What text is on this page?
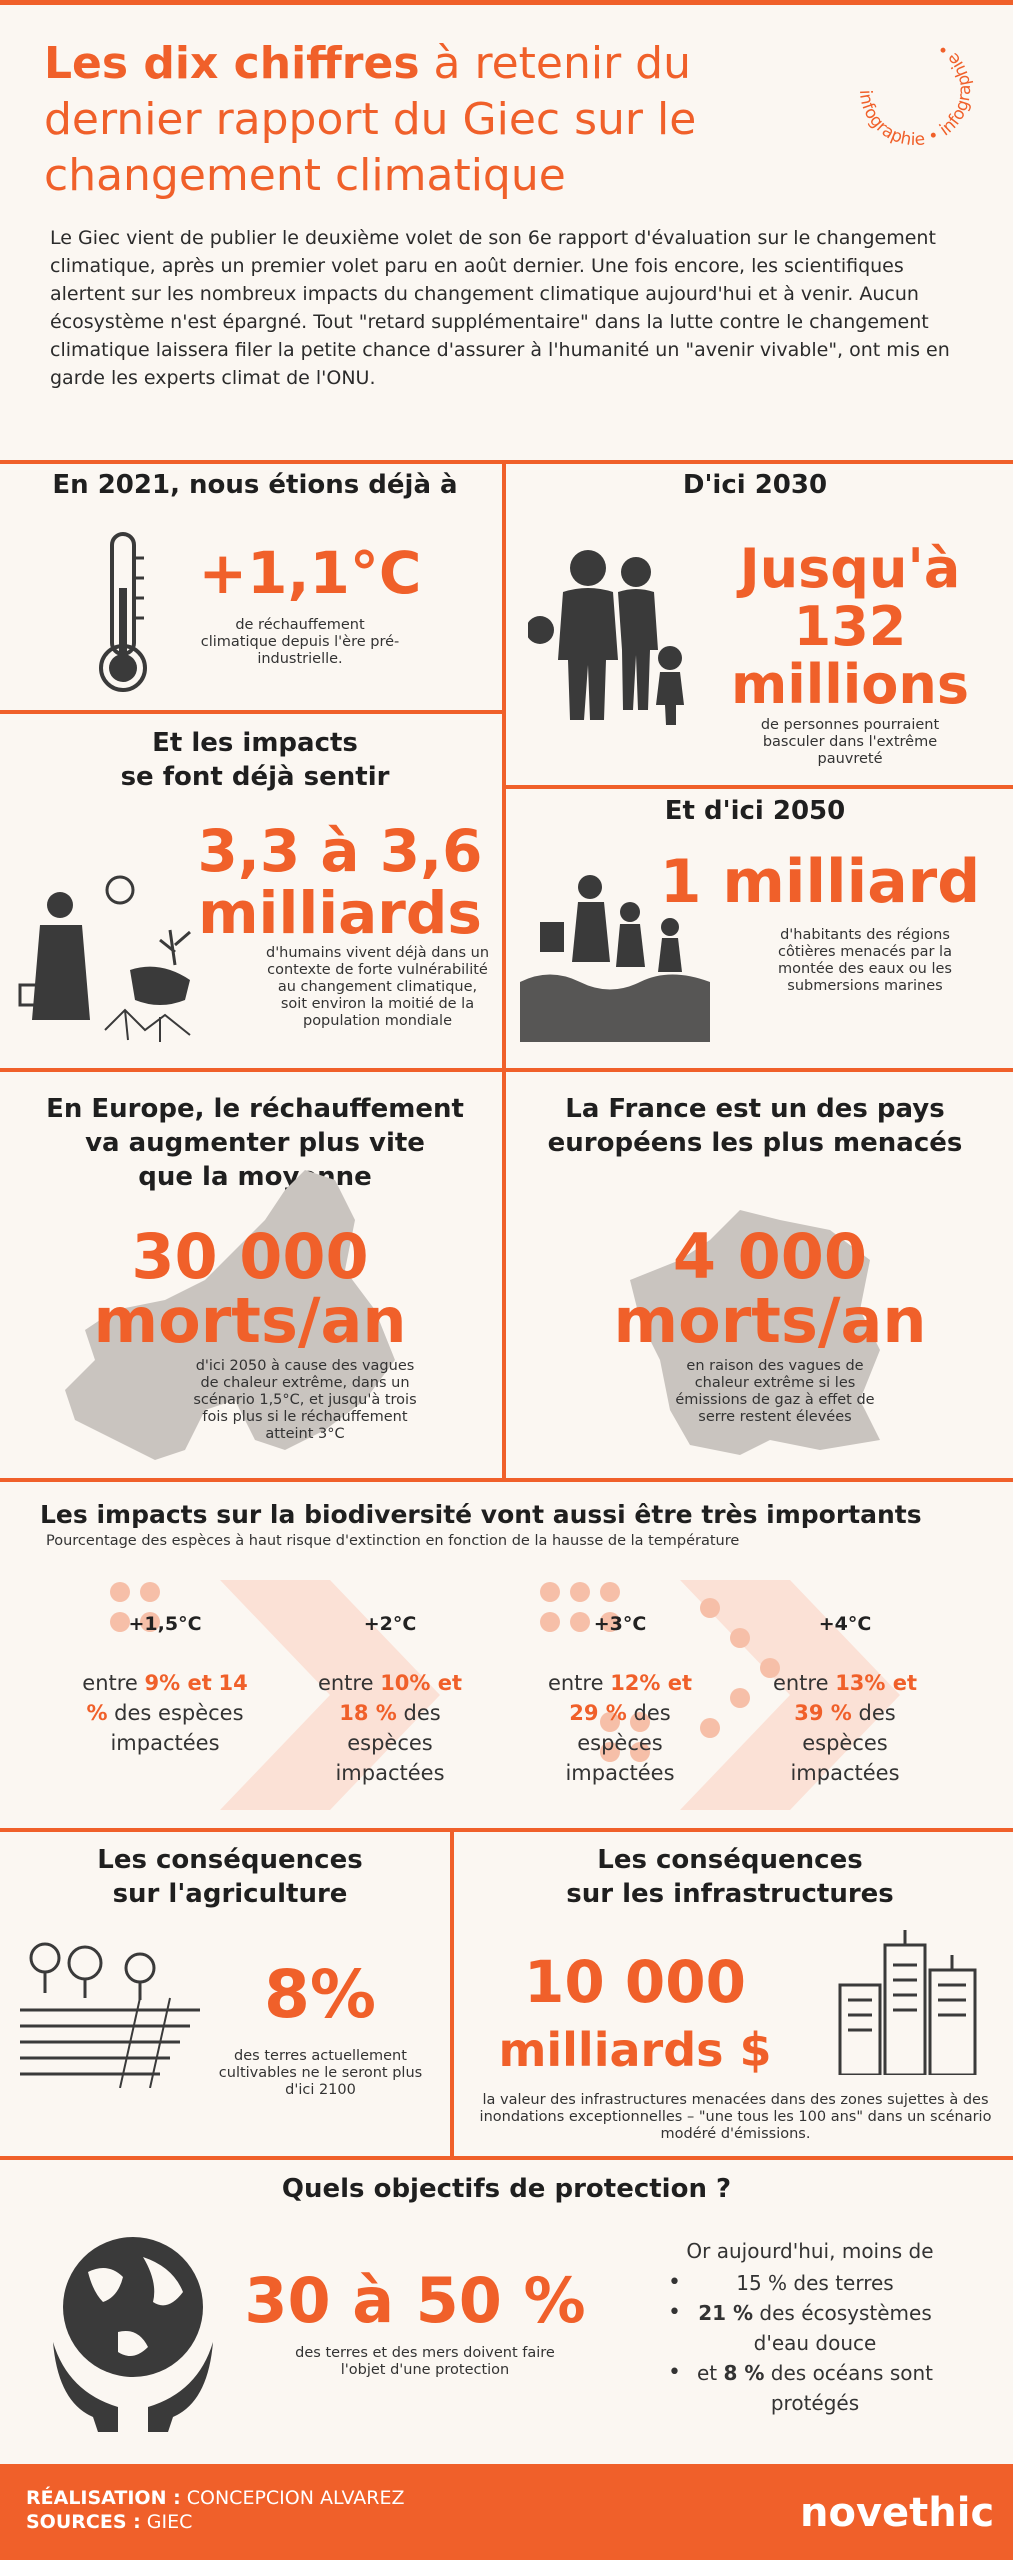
Les dix chiffres à retenir du
dernier rapport du Giec sur le
changement climatique
infographie • infographie •
Le Giec vient de publier le deuxième volet de son 6e rapport d'évaluation sur le changement climatique, après un premier volet paru en août dernier. Une fois encore, les scientifiques alertent sur les nombreux impacts du changement climatique aujourd'hui et à venir. Aucun écosystème n'est épargné. Tout "retard supplémentaire" dans la lutte contre le changement climatique laissera filer la petite chance d'assurer à l'humanité un "avenir vivable", ont mis en garde les experts climat de l'ONU.
En 2021, nous étions déjà à
+1,1°C
de réchauffement climatique depuis l'ère pré-industrielle.
D'ici 2030
Jusqu'à
132
millions
de personnes pourraient basculer dans l'extrême pauvreté
Et les impacts
se font déjà sentir
3,3 à 3,6
milliards
d'humains vivent déjà dans un contexte de forte vulnérabilité au changement climatique, soit environ la moitié de la population mondiale
Et d'ici 2050
1 milliard
d'habitants des régions côtières menacés par la montée des eaux ou les submersions marines
En Europe, le réchauffement
va augmenter plus vite
que la moyenne
30 000
morts/an
d'ici 2050 à cause des vagues de chaleur extrême, dans un scénario 1,5°C, et jusqu'à trois fois plus si le réchauffement atteint 3°C
La France est un des pays
européens les plus menacés
4 000
morts/an
en raison des vagues de chaleur extrême si les émissions de gaz à effet de serre restent élevées
Les impacts sur la biodiversité vont aussi être très importants
Pourcentage des espèces à haut risque d'extinction en fonction de la hausse de la température
+1,5°C
entre 9% et 14 % des espèces impactées
+2°C
entre 10% et 18 % des espèces impactées
+3°C
entre 12% et 29 % des espèces impactées
+4°C
entre 13% et 39 % des espèces impactées
Les conséquences
sur l'agriculture
8%
des terres actuellement cultivables ne le seront plus d'ici 2100
Les conséquences
sur les infrastructures
10 000
milliards $
la valeur des infrastructures menacées dans des zones sujettes à des inondations exceptionnelles – "une tous les 100 ans" dans un scénario modéré d'émissions.
Quels objectifs de protection ?
30 à 50 %
des terres et des mers doivent faire l'objet d'une protection
Or aujourd'hui, moins de
• 15 % des terres
• 21 % des écosystèmes d'eau douce
• et 8 % des océans sont protégés
RÉALISATION : CONCEPCION ALVAREZ
SOURCES : GIEC	novethic
